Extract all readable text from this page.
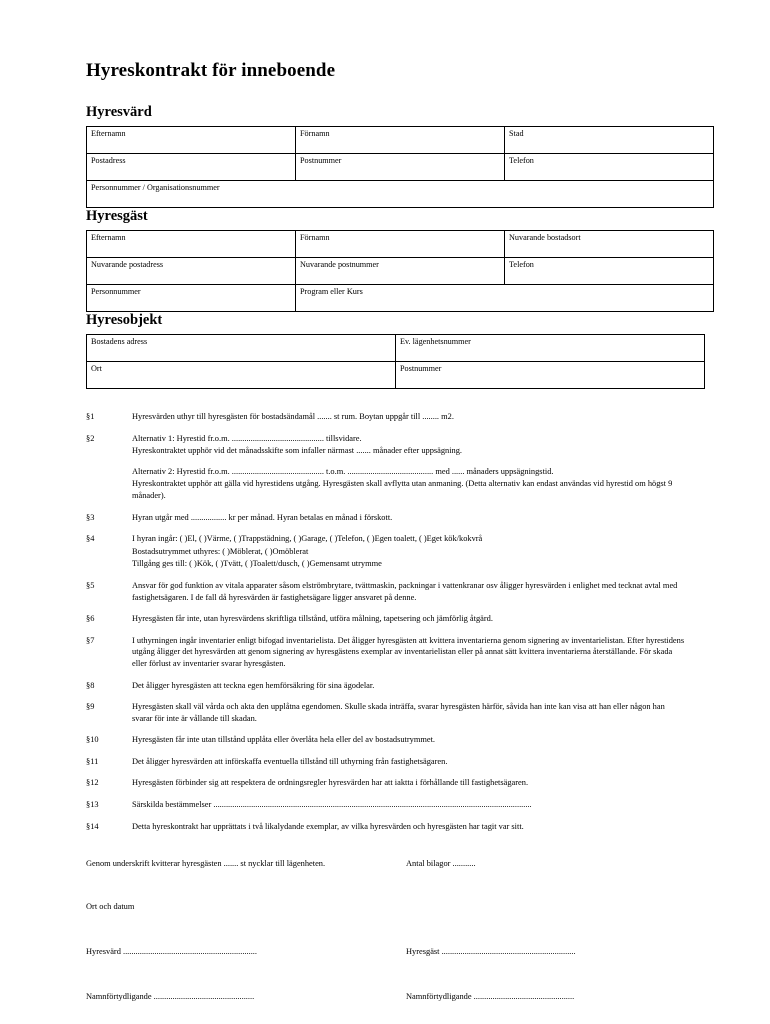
Hyreskontrakt för inneboende
Hyresvärd
Efternamn	Förnamn	Stad
Postadress	Postnummer	Telefon
Personnummer / Organisationsnummer		
Hyresgäst
Efternamn	Förnamn	Nuvarande bostadsort
Nuvarande postadress	Nuvarande postnummer	Telefon
Personnummer	Program eller Kurs	
Hyresobjekt
Bostadens adress	Ev. lägenhetsnummer
Ort	Postnummer
§1	Hyresvärden uthyr till hyresgästen för bostadsändamål ....... st rum. Boytan uppgår till ........ m2.

§2	Alternativ 1: Hyrestid fr.o.m. ............................................ tillsvidare.

Hyreskontraktet upphör vid det månadsskifte som infaller närmast ....... månader efter uppsägning.

Alternativ 2: Hyrestid fr.o.m. ............................................ t.o.m. ......................................... med ...... månaders uppsägningstid.

Hyreskontraktet upphör att gälla vid hyrestidens utgång. Hyresgästen skall avflytta utan anmaning. (Detta alternativ kan endast användas vid hyrestid om högst 9 månader).

§3	Hyran utgår med ................. kr per månad. Hyran betalas en månad i förskott.

§4	I hyran ingår: ( )El, ( )Värme, ( )Trappstädning, ( )Garage, ( )Telefon, ( )Egen toalett, ( )Eget kök/kokvrå

Bostadsutrymmet uthyres: ( )Möblerat, ( )Omöblerat

Tillgång ges till: ( )Kök, ( )Tvätt, ( )Toalett/dusch, ( )Gemensamt utrymme

§5	Ansvar för god funktion av vitala apparater såsom elströmbrytare, tvättmaskin, packningar i vattenkranar osv åligger hyresvärden i enlighet med tecknat avtal med fastighetsägaren. I de fall då hyresvärden är fastighetsägare ligger ansvaret på denne.

§6	Hyresgästen får inte, utan hyresvärdens skriftliga tillstånd, utföra målning, tapetsering och jämförlig åtgärd.

§7	I uthyrningen ingår inventarier enligt bifogad inventarielista. Det åligger hyresgästen att kvittera inventarierna genom signering av inventarielistan. Efter hyrestidens utgång åligger det hyresvärden att genom signering av hyresgästens exemplar av inventarielistan eller på annat sätt kvittera inventarierna återställande. För skada eller förlust av inventarier svarar hyresgästen.

§8	Det åligger hyresgästen att teckna egen hemförsäkring för sina ägodelar.

§9	Hyresgästen skall väl vårda och akta den upplåtna egendomen. Skulle skada inträffa, svarar hyresgästen härför, såvida han inte kan visa att han eller någon han svarar för inte är vållande till skadan.

§10	Hyresgästen får inte utan tillstånd upplåta eller överlåta hela eller del av bostadsutrymmet.

§11	Det åligger hyresvärden att införskaffa eventuella tillstånd till uthyrning från fastighetsägaren.

§12	Hyresgästen förbinder sig att respektera de ordningsregler hyresvärden har att iaktta i förhållande till fastighetsägaren.

§13	Särskilda bestämmelser ........................................................................................................................................................

§14	Detta hyreskontrakt har upprättats i två likalydande exemplar, av vilka hyresvärden och hyresgästen har tagit var sitt.

Genom underskrift kvitterar hyresgästen ....... st nycklar till lägenheten.	Antal bilagor ...........
Ort och datum
Hyresvärd ................................................................	Hyresgäst ................................................................
Namnförtydligande ................................................	Namnförtydligande ................................................
